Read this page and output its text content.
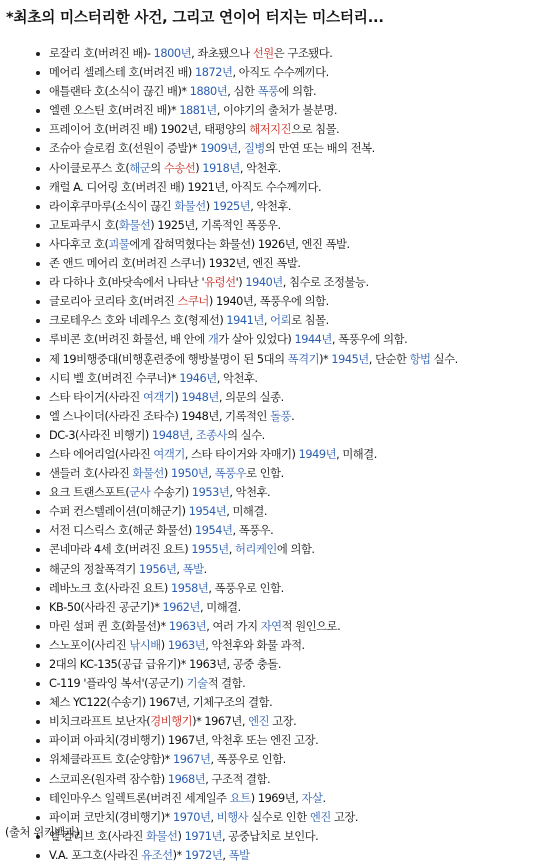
*최초의 미스터리한 사건, 그리고 연이어 터지는 미스터리...
로잘리 호(버려진 배)- 1800년, 좌초됐으나 선원은 구조됐다.
메어리 셀레스테 호(버려진 배) 1872년, 아직도 수수께끼다.
애틀랜타 호(소식이 끊긴 배)* 1880년, 심한 폭풍에 의함.
엘렌 오스틴 호(버려진 배)* 1881년, 이야기의 출처가 불분명.
프레이어 호(버려진 배) 1902년, 태평양의 해저지진으로 침몰.
조슈아 슬로컴 호(선원이 증발)* 1909년, 질병의 만연 또는 배의 전복.
사이클로푸스 호(해군의 수송선) 1918년, 악천후.
캐럴 A. 디어링 호(버려진 배) 1921년, 아직도 수수께끼다.
라이후쿠마루(소식이 끊긴 화물선) 1925년, 악천후.
고토파쿠시 호(화물선) 1925년, 기록적인 폭풍우.
사다후코 호(괴물에게 잡혀먹혔다는 화물선) 1926년, 엔진 폭발.
존 앤드 메어리 호(버려진 스쿠너) 1932년, 엔진 폭발.
라 다하나 호(바닷속에서 나타난 '유령선') 1940년, 침수로 조정불능.
글로리아 코리타 호(버려진 스쿠너) 1940년, 폭풍우에 의함.
크로테우스 호와 네레우스 호(형제선) 1941년, 어뢰로 침몰.
루비콘 호(버려진 화물선, 배 안에 개가 살아 있었다) 1944년, 폭풍우에 의함.
제 19비행중대(비행훈련중에 행방불명이 된 5대의 폭격기)* 1945년, 단순한 항법 실수.
시티 벨 호(버려진 수쿠너)* 1946년, 악천후.
스타 타이거(사라진 여객기) 1948년, 의문의 실종.
엘 스나이더(사라진 조타수) 1948년, 기록적인 돌풍.
DC-3(사라진 비행기) 1948년, 조종사의 실수.
스타 에어리얼(사라진 여객기, 스타 타이거와 자매기) 1949년, 미해결.
샌들러 호(사라진 화물선) 1950년, 폭풍우로 인함.
요크 트랜스포트(군사 수송기) 1953년, 악천후.
수퍼 컨스텔레이션(미해군기) 1954년, 미해결.
서전 디스릭스 호(해군 화물선) 1954년, 폭풍우.
콘네마라 4세 호(버려진 요트) 1955년, 허리케인에 의함.
해군의 정찰폭격기 1956년, 폭발.
레바노크 호(사라진 요트) 1958년, 폭풍우로 인함.
KB-50(사라진 공군기)* 1962년, 미해결.
마린 설퍼 퀸 호(화물선)* 1963년, 여러 가지 자연적 원인으로.
스노포이(사리진 낚시배) 1963년, 악천후와 화물 과적.
2대의 KC-135(공급 급유기)* 1963년, 공중 충돌.
C-119 '플라잉 복서'(공군기) 기술적 결함.
체스 YC122(수송기) 1967년, 기체구조의 결함.
비치크라프트 보난자(경비행기)* 1967년, 엔진 고장.
파이퍼 아파치(경비행기) 1967년, 악천후 또는 엔진 고장.
위체클라프트 호(순양함)* 1967년, 폭풍우로 인함.
스코피온(원자력 잠수함) 1968년, 구조적 결함.
테인마우스 일렉트론(버려진 세계일주 요트) 1969년, 자살.
파이퍼 코만치(경비행기)* 1970년, 비행사 실수로 인한 엔진 고장.
엘 칼리브 호(사라진 화물선) 1971년, 공중납치로 보인다.
V.A. 포그호(사라진 유조선)* 1972년, 폭발
(출처 위키백과)
